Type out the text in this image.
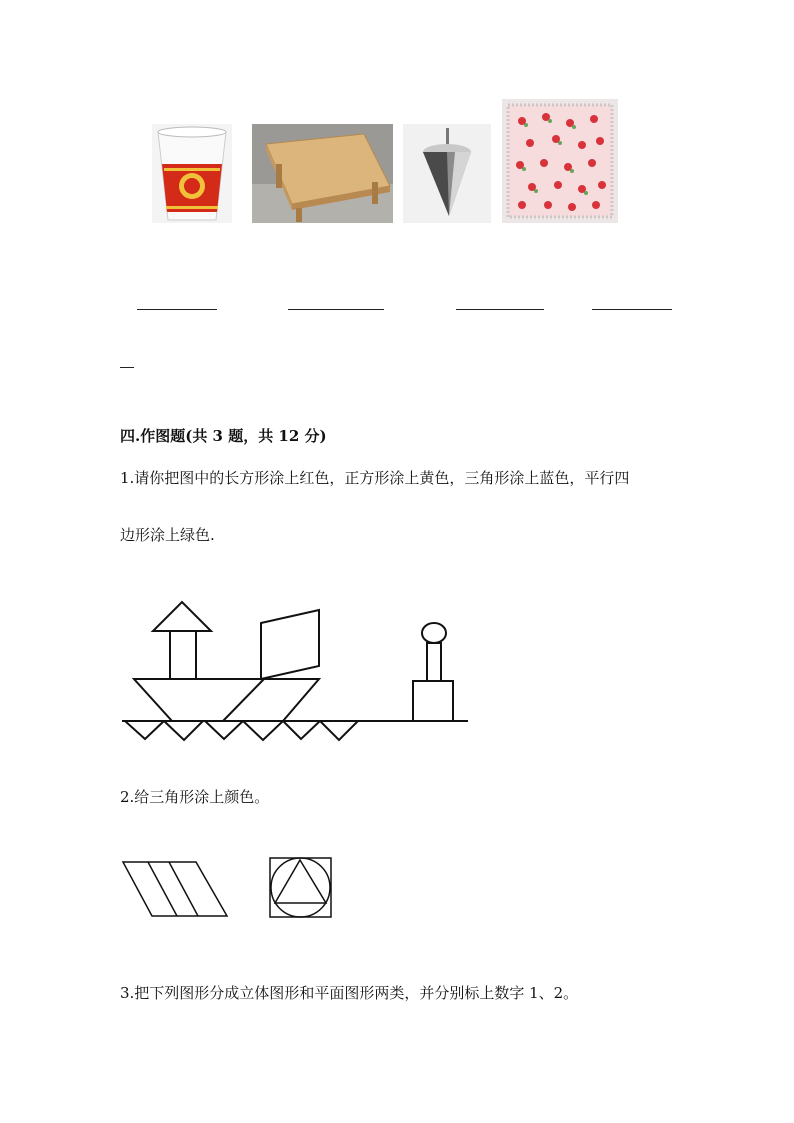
四.作图题(共 3 题，共 12 分)
1.请你把图中的长方形涂上红色，正方形涂上黄色，三角形涂上蓝色，平行四
边形涂上绿色.
2.给三角形涂上颜色。
3.把下列图形分成立体图形和平面图形两类，并分别标上数字 1、2。
